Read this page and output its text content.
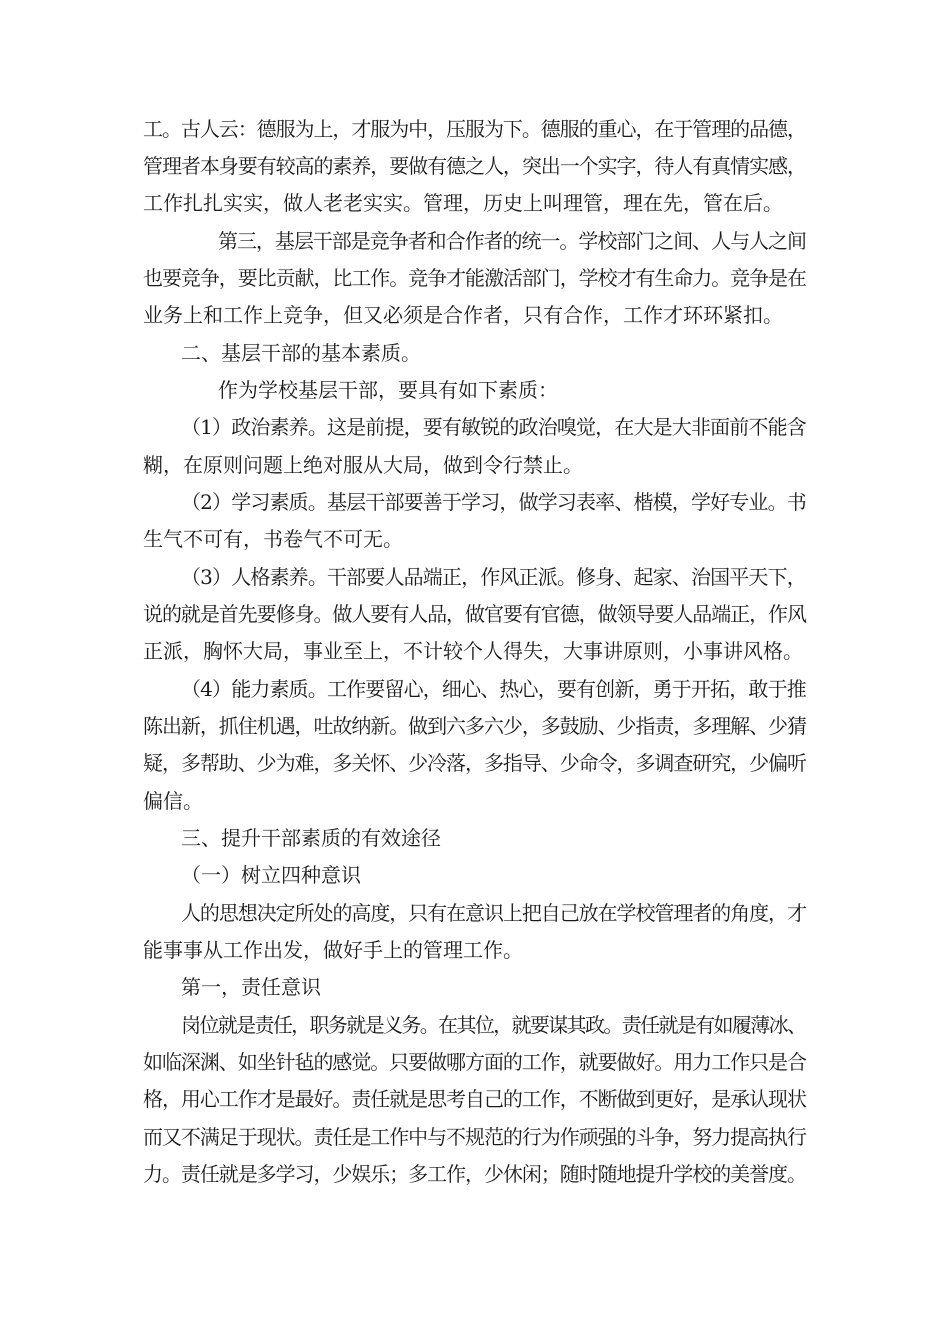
工。古人云：德服为上，才服为中，压服为下。德服的重心，在于管理的品德，

管理者本身要有较高的素养，要做有德之人，突出一个实字，待人有真情实感，

工作扎扎实实，做人老老实实。管理，历史上叫理管，理在先，管在后。

第三，基层干部是竞争者和合作者的统一。学校部门之间、人与人之间

也要竞争，要比贡献，比工作。竞争才能激活部门，学校才有生命力。竞争是在

业务上和工作上竞争，但又必须是合作者，只有合作，工作才环环紧扣。

二、基层干部的基本素质。

作为学校基层干部，要具有如下素质：

（1）政治素养。这是前提，要有敏锐的政治嗅觉，在大是大非面前不能含

糊，在原则问题上绝对服从大局，做到令行禁止。

（2）学习素质。基层干部要善于学习，做学习表率、楷模，学好专业。书

生气不可有，书卷气不可无。

（3）人格素养。干部要人品端正，作风正派。修身、起家、治国平天下，

说的就是首先要修身。做人要有人品，做官要有官德，做领导要人品端正，作风

正派，胸怀大局，事业至上，不计较个人得失，大事讲原则，小事讲风格。

（4）能力素质。工作要留心，细心、热心，要有创新，勇于开拓，敢于推

陈出新，抓住机遇，吐故纳新。做到六多六少，多鼓励、少指责，多理解、少猜

疑，多帮助、少为难，多关怀、少冷落，多指导、少命令，多调查研究，少偏听

偏信。

三、提升干部素质的有效途径

（一）树立四种意识

人的思想决定所处的高度，只有在意识上把自己放在学校管理者的角度，才

能事事从工作出发，做好手上的管理工作。

第一，责任意识

岗位就是责任，职务就是义务。在其位，就要谋其政。责任就是有如履薄冰、

如临深渊、如坐针毡的感觉。只要做哪方面的工作，就要做好。用力工作只是合

格，用心工作才是最好。责任就是思考自己的工作，不断做到更好，是承认现状

而又不满足于现状。责任是工作中与不规范的行为作顽强的斗争，努力提高执行

力。责任就是多学习，少娱乐；多工作，少休闲；随时随地提升学校的美誉度。
